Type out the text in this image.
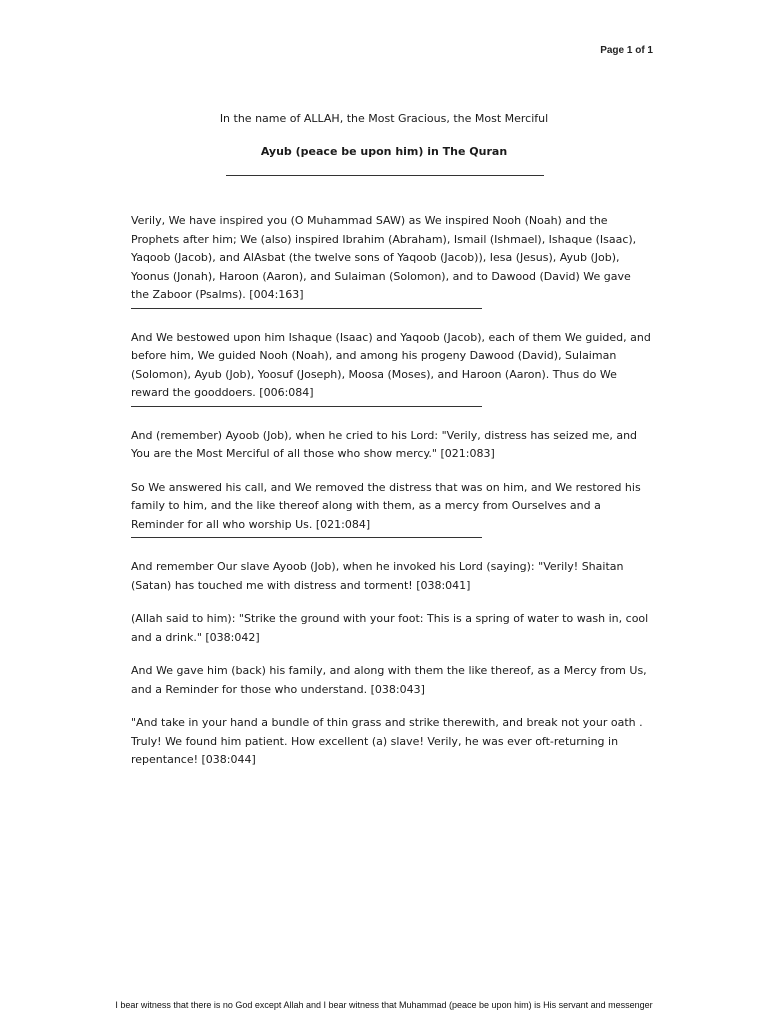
Page 1 of 1
In the name of ALLAH, the Most Gracious, the Most Merciful
Ayub (peace be upon him) in The Quran

Verily, We have inspired you (O Muhammad SAW) as We inspired Nooh (Noah) and the Prophets after him; We (also) inspired Ibrahim (Abraham), Ismail (Ishmael), Ishaque (Isaac), Yaqoob (Jacob), and AlAsbat (the twelve sons of Yaqoob (Jacob)), Iesa (Jesus), Ayub (Job), Yoonus (Jonah), Haroon (Aaron), and Sulaiman (Solomon), and to Dawood (David) We gave the Zaboor (Psalms). [004:163]

And We bestowed upon him Ishaque (Isaac) and Yaqoob (Jacob), each of them We guided, and before him, We guided Nooh (Noah), and among his progeny Dawood (David), Sulaiman (Solomon), Ayub (Job), Yoosuf (Joseph), Moosa (Moses), and Haroon (Aaron). Thus do We reward the gooddoers. [006:084]

And (remember) Ayoob (Job), when he cried to his Lord: "Verily, distress has seized me, and You are the Most Merciful of all those who show mercy." [021:083]

So We answered his call, and We removed the distress that was on him, and We restored his family to him, and the like thereof along with them, as a mercy from Ourselves and a Reminder for all who worship Us. [021:084]

And remember Our slave Ayoob (Job), when he invoked his Lord (saying): "Verily! Shaitan (Satan) has touched me with distress and torment! [038:041]

(Allah said to him): "Strike the ground with your foot: This is a spring of water to wash in, cool and a drink." [038:042]

And We gave him (back) his family, and along with them the like thereof, as a Mercy from Us, and a Reminder for those who understand. [038:043]

"And take in your hand a bundle of thin grass and strike therewith, and break not your oath . Truly! We found him patient. How excellent (a) slave! Verily, he was ever oft-returning in repentance! [038:044]

I bear witness that there is no God except Allah and I bear witness that Muhammad (peace be upon him) is His servant and messenger
